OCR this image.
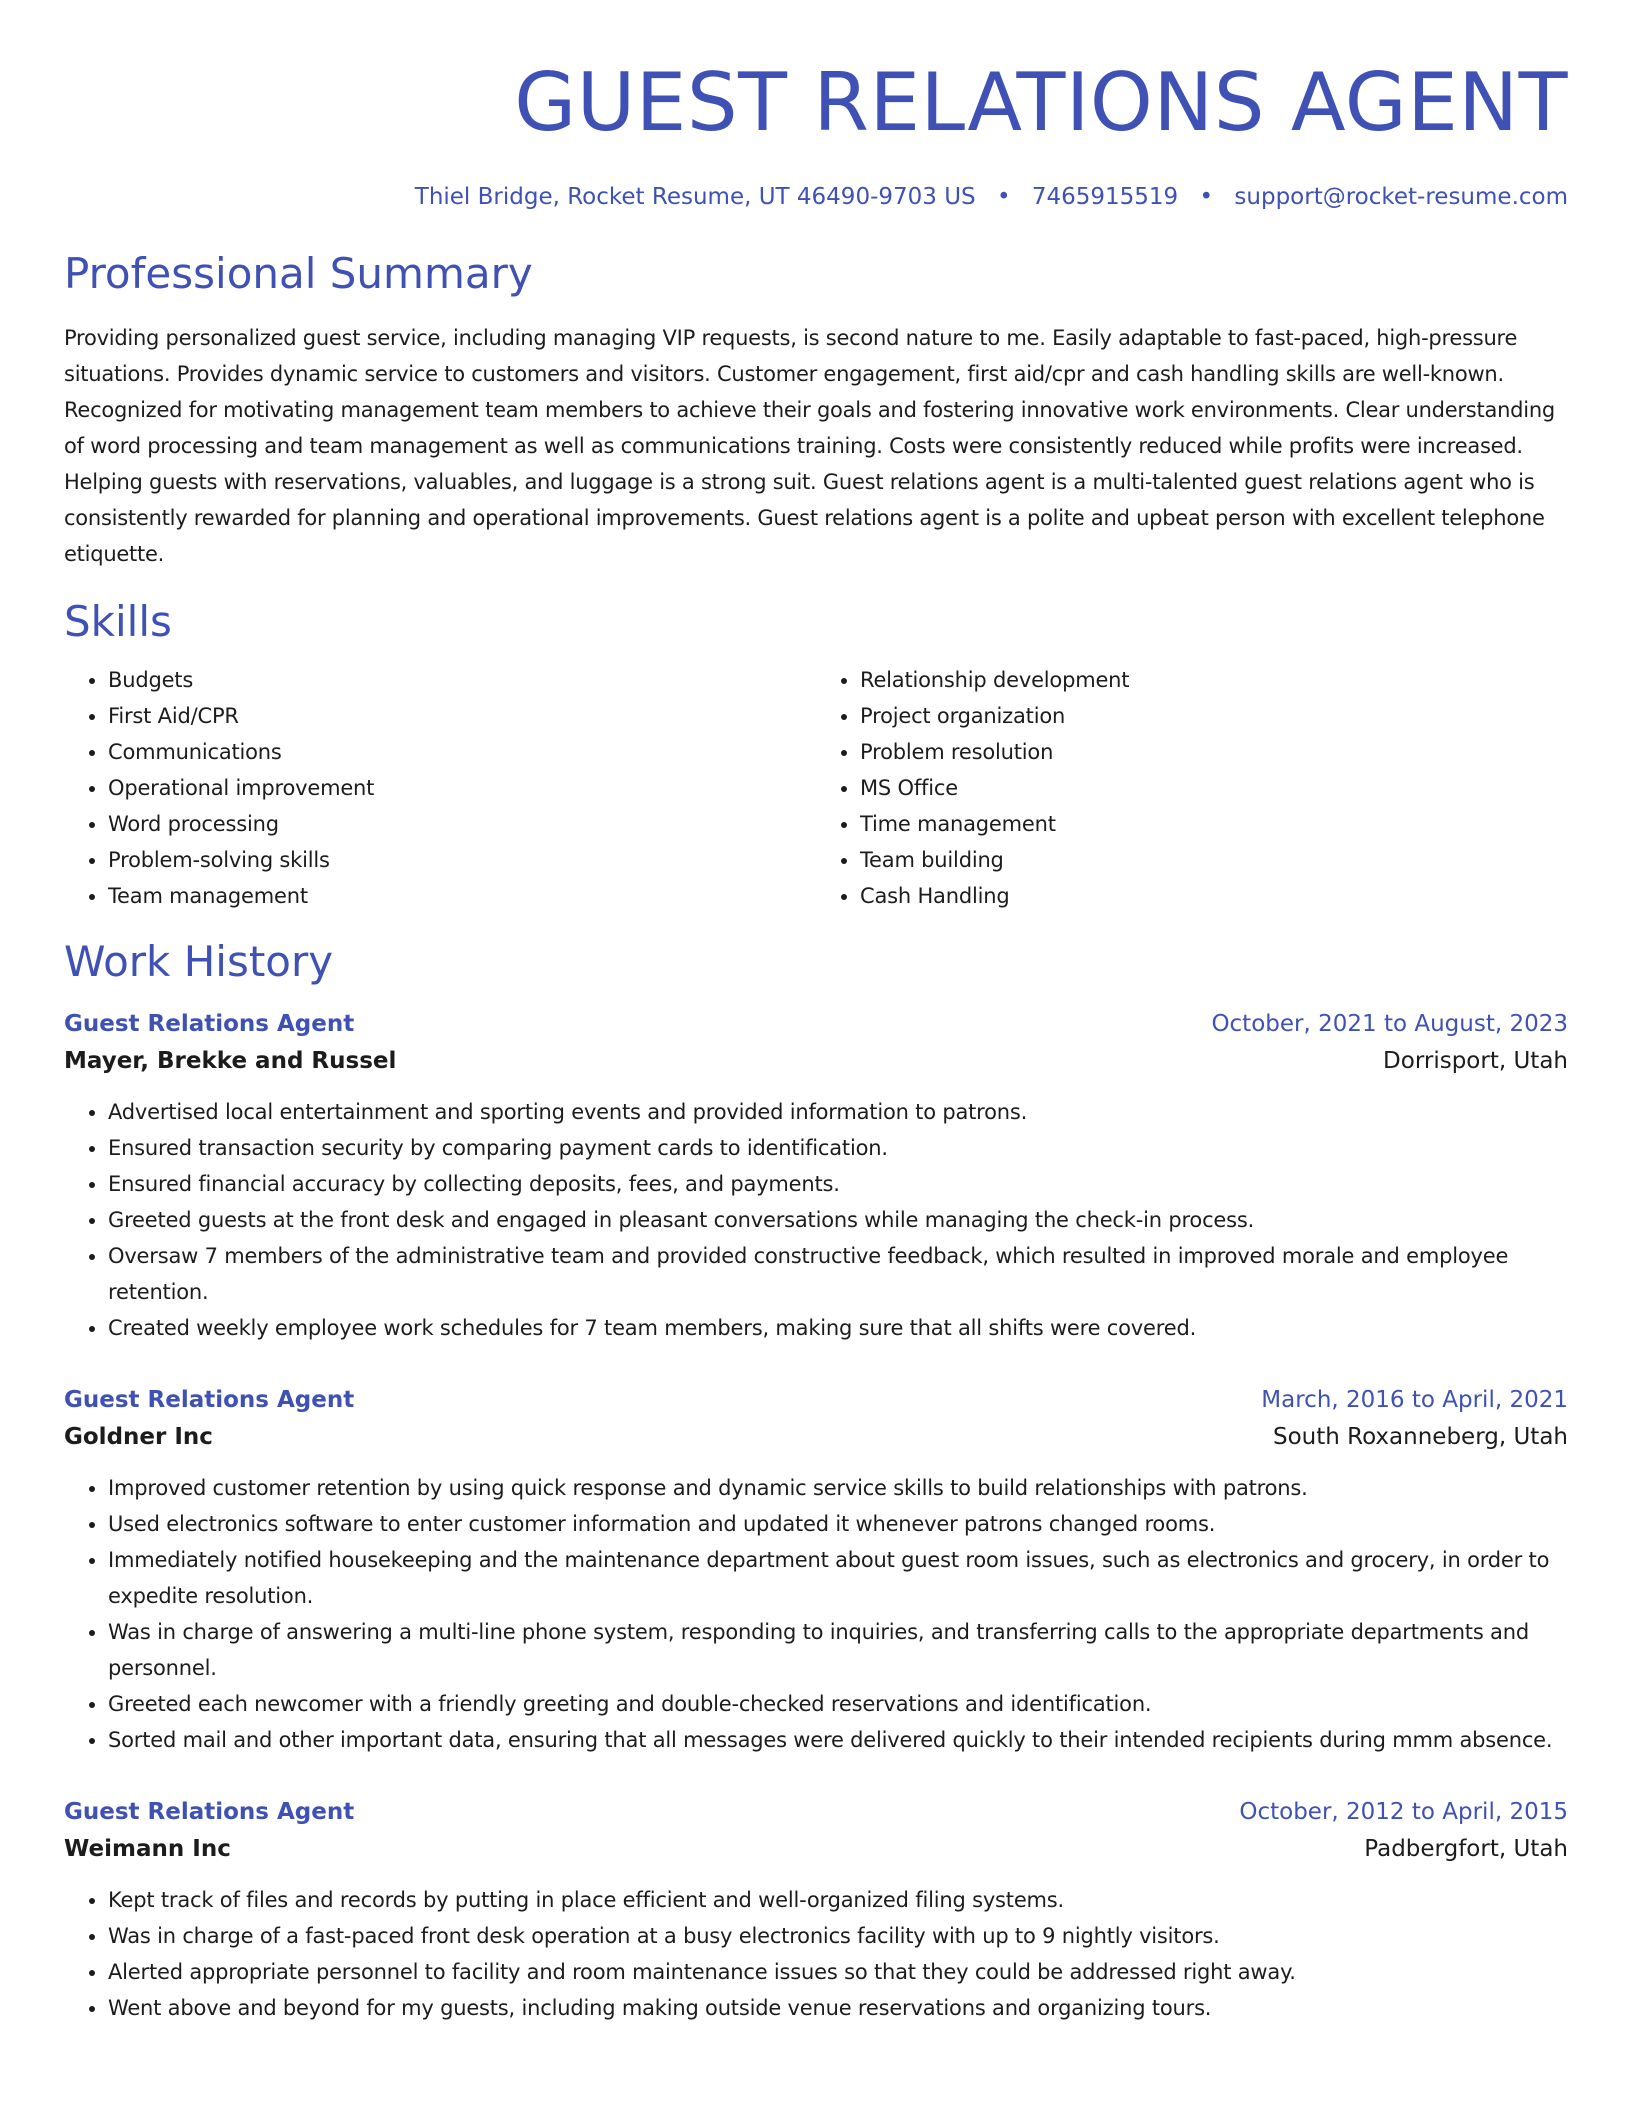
GUEST RELATIONS AGENT
Thiel Bridge, Rocket Resume, UT 46490-9703 US • 7465915519 • support@rocket-resume.com
Professional Summary

Providing personalized guest service, including managing VIP requests, is second nature to me. Easily adaptable to fast-paced, high-pressure situations. Provides dynamic service to customers and visitors. Customer engagement, first aid/cpr and cash handling skills are well-known. Recognized for motivating management team members to achieve their goals and fostering innovative work environments. Clear understanding of word processing and team management as well as communications training. Costs were consistently reduced while profits were increased. Helping guests with reservations, valuables, and luggage is a strong suit. Guest relations agent is a multi-talented guest relations agent who is consistently rewarded for planning and operational improvements. Guest relations agent is a polite and upbeat person with excellent telephone etiquette.

Skills
• Budgets
• First Aid/CPR
• Communications
• Operational improvement
• Word processing
• Problem-solving skills
• Team management
• Relationship development
• Project organization
• Problem resolution
• MS Office
• Time management
• Team building
• Cash Handling
Work History
Guest Relations Agent	October, 2021 to August, 2023
Mayer, Brekke and Russel	Dorrisport, Utah
• Advertised local entertainment and sporting events and provided information to patrons.
• Ensured transaction security by comparing payment cards to identification.
• Ensured financial accuracy by collecting deposits, fees, and payments.
• Greeted guests at the front desk and engaged in pleasant conversations while managing the check-in process.
• Oversaw 7 members of the administrative team and provided constructive feedback, which resulted in improved morale and employee retention.
• Created weekly employee work schedules for 7 team members, making sure that all shifts were covered.
Guest Relations Agent	March, 2016 to April, 2021
Goldner Inc	South Roxanneberg, Utah
• Improved customer retention by using quick response and dynamic service skills to build relationships with patrons.
• Used electronics software to enter customer information and updated it whenever patrons changed rooms.
• Immediately notified housekeeping and the maintenance department about guest room issues, such as electronics and grocery, in order to expedite resolution.
• Was in charge of answering a multi-line phone system, responding to inquiries, and transferring calls to the appropriate departments and personnel.
• Greeted each newcomer with a friendly greeting and double-checked reservations and identification.
• Sorted mail and other important data, ensuring that all messages were delivered quickly to their intended recipients during mmm absence.
Guest Relations Agent	October, 2012 to April, 2015
Weimann Inc	Padbergfort, Utah
• Kept track of files and records by putting in place efficient and well-organized filing systems.
• Was in charge of a fast-paced front desk operation at a busy electronics facility with up to 9 nightly visitors.
• Alerted appropriate personnel to facility and room maintenance issues so that they could be addressed right away.
• Went above and beyond for my guests, including making outside venue reservations and organizing tours.
